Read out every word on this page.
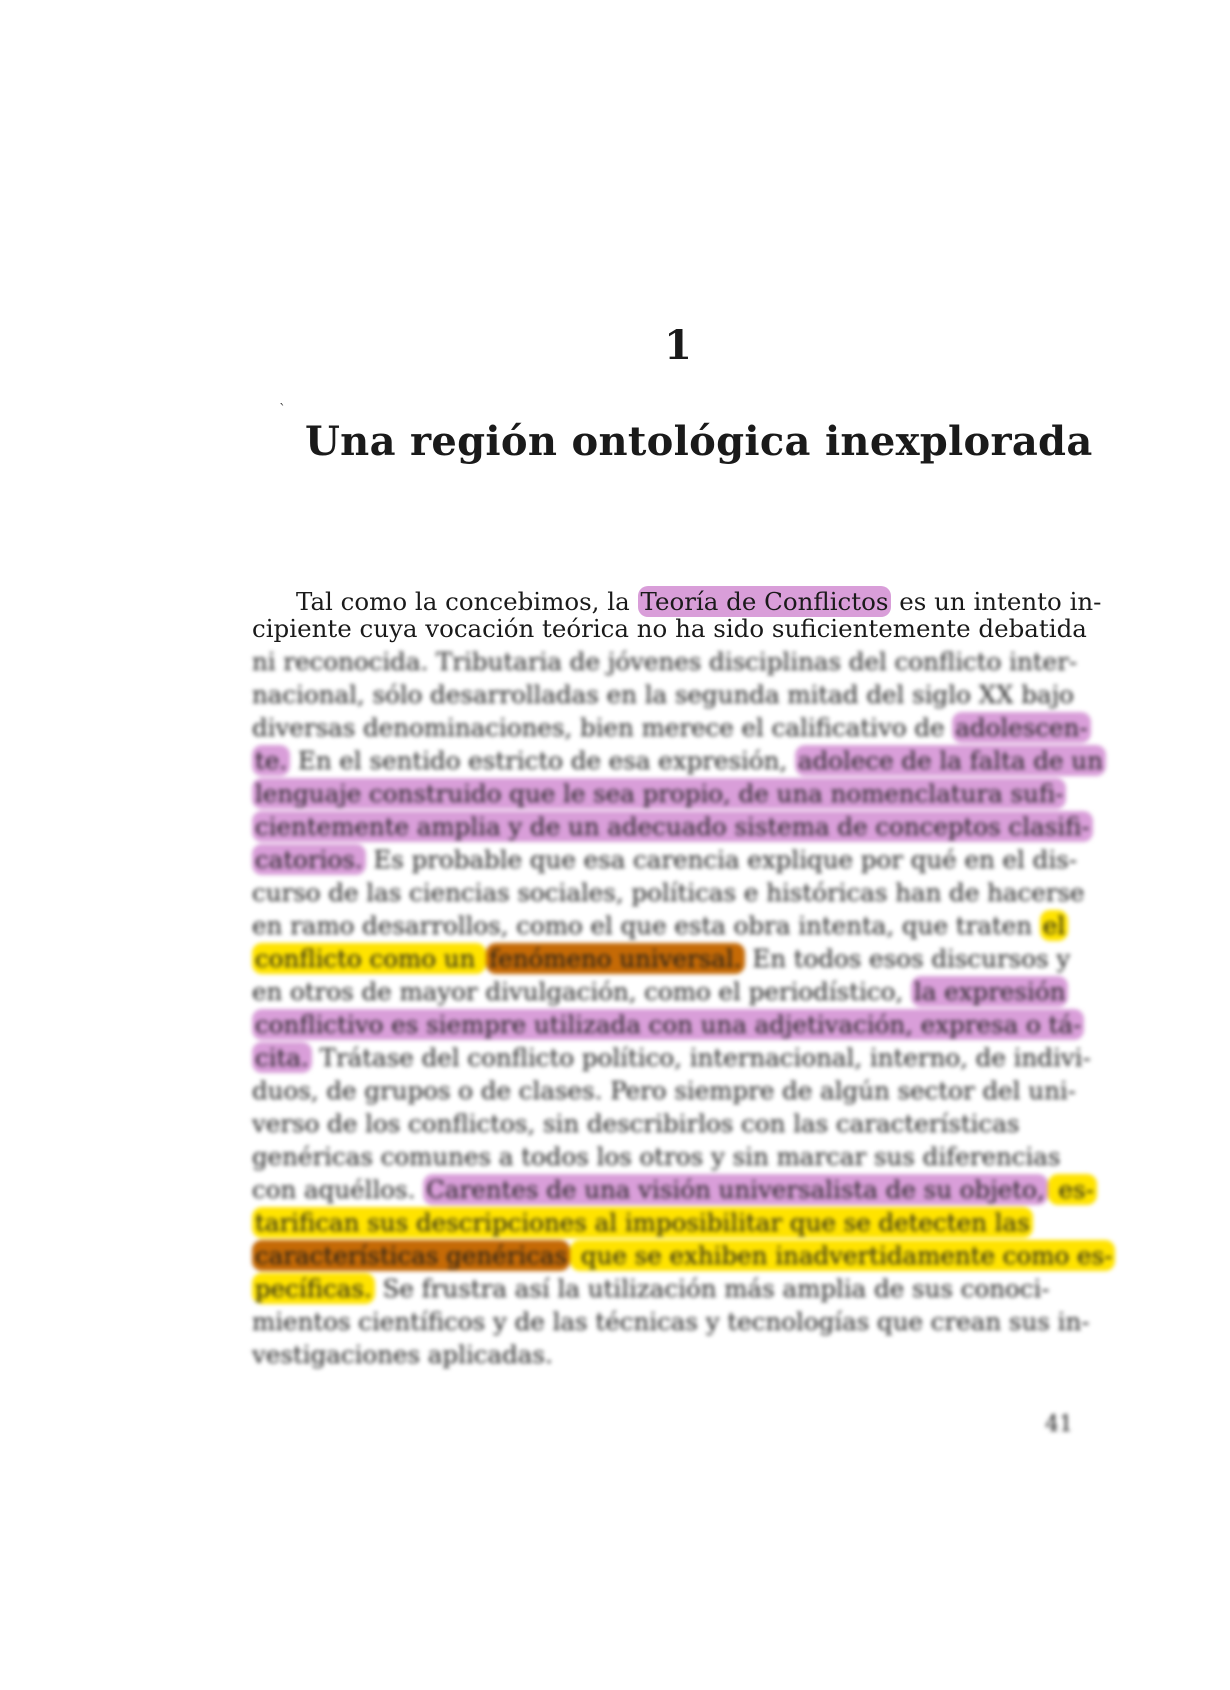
1
Una región ontológica inexplorada
`
Tal como la concebimos, la Teoría de Conflictos es un intento in-
cipiente cuya vocación teórica no ha sido suficientemente debatida
ni reconocida. Tributaria de jóvenes disciplinas del conflicto inter-
nacional, sólo desarrolladas en la segunda mitad del siglo XX bajo
diversas denominaciones, bien merece el calificativo de adolescen-
te. En el sentido estricto de esa expresión, adolece de la falta de un
lenguaje construido que le sea propio, de una nomenclatura sufi-
cientemente amplia y de un adecuado sistema de conceptos clasifi-
catorios. Es probable que esa carencia explique por qué en el dis-
curso de las ciencias sociales, políticas e históricas han de hacerse
en ramo desarrollos, como el que esta obra intenta, que traten el
conflicto como un fenómeno universal. En todos esos discursos y
en otros de mayor divulgación, como el periodístico, la expresión
conflictivo es siempre utilizada con una adjetivación, expresa o tá-
cita. Trátase del conflicto político, internacional, interno, de indivi-
duos, de grupos o de clases. Pero siempre de algún sector del uni-
verso de los conflictos, sin describirlos con las características
genéricas comunes a todos los otros y sin marcar sus diferencias
con aquéllos. Carentes de una visión universalista de su objeto, es-
tarifican sus descripciones al imposibilitar que se detecten las
características genéricas que se exhiben inadvertidamente como es-
pecíficas. Se frustra así la utilización más amplia de sus conoci-
mientos científicos y de las técnicas y tecnologías que crean sus in-
vestigaciones aplicadas.
41
